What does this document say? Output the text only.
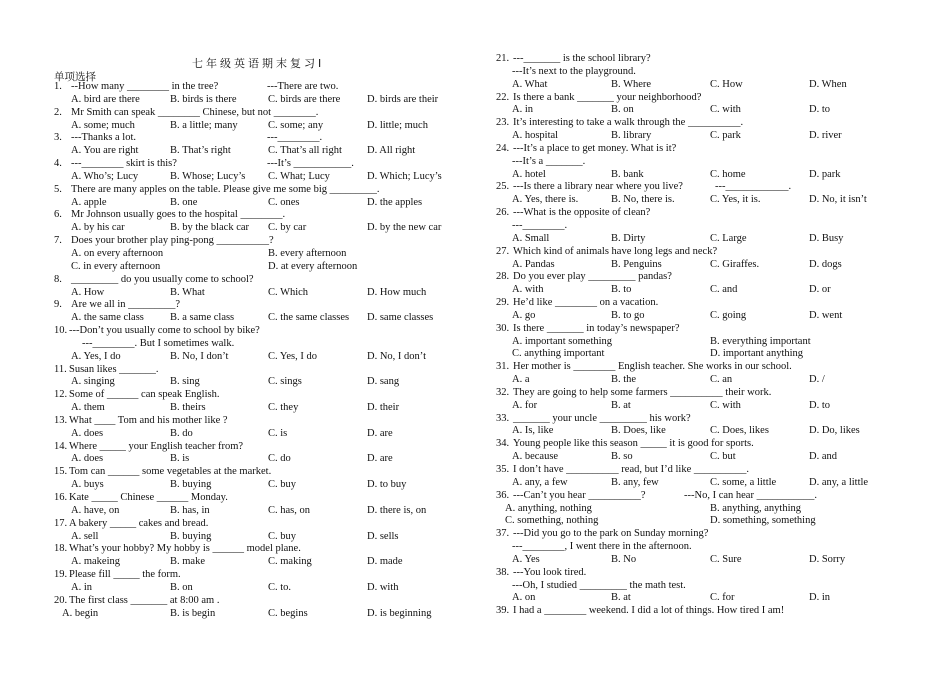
七年级英语期末复习Ⅰ
单项选择
1. --How many ________ in the tree?	---There are two.
A. bird are there	B. birds is there	C. birds are there	D. birds are their
2. Mr Smith can speak ________ Chinese, but not ________.
A. some; much	B. a little; many	C. some; any	D. little; much
3. ---Thanks a lot.	---________.
A. You are right	B. That’s right	C. That’s all right D. All right
4. ---________ skirt is this?	---It’s ___________.
A. Who’s; Lucy	B. Whose; Lucy’s C. What; Lucy	D. Which; Lucy’s
5. There are many apples on the table. Please give me some big _________.
A. apple	B. one	C. ones	D. the apples
6. Mr Johnson usually goes to the hospital ________.
A. by his car	B. by the black car C. by car	D. by the new car
7. Does your brother play ping-pong __________?
A. on every afternoon	B. every afternoon
C. in every afternoon	D. at every afternoon
8. _________ do you usually come to school?
A. How	B. What	C. Which	D. How much
9. Are we all in _________?
A. the same class B. a same class	C. the same classes D. same classes
10. ---Don’t you usually come to school by bike?
---________. But I sometimes walk.
A. Yes, I do	B. No, I don’t	C. Yes, I do	D. No, I don’t
11. Susan likes _______.
A. singing	B. sing	C. sings	D. sang
12. Some of ______ can speak English.
A. them	B. theirs	C. they	D. their
13. What ____ Tom and his mother like ?
A. does	B. do	C. is	D. are
14. Where _____ your English teacher from?
A. does	B. is	C. do	D. are
15. Tom can ______ some vegetables at the market.
A. buys	B. buying	C. buy	D. to buy
16. Kate _____ Chinese ______ Monday.
A. have, on	B. has, in	C. has, on	D. there is, on
17. A bakery _____ cakes and bread.
A. sell	B. buying	C. buy	D. sells
18. What’s your hobby? My hobby is ______ model plane.
A. makeing	B. make	C. making	D. made
19. Please fill _____ the form.
A. in	B. on	C. to.	D. with
20. The first class _______ at 8:00 am .
A. begin	B. is begin	C. begins	D. is beginning
21. ---_______ is the school library?
---It’s next to the playground.
A. What	B. Where	C. How	D. When
22. Is there a bank _______ your neighborhood?
A. in	B. on	C. with	D. to
23. It’s interesting to take a walk through the __________.
A. hospital	B. library	C. park	D. river
24. ---It’s a place to get money. What is it?
---It’s a _______.
A. hotel	B. bank	C. home	D. park
25. ---Is there a library near where you live?	---____________.
A. Yes, there is.	B. No, there is.	C. Yes, it is.	D. No, it isn’t
26. ---What is the opposite of clean?
---________.
A. Small	B. Dirty	C. Large	D. Busy
27. Which kind of animals have long legs and neck?
A. Pandas	B. Penguins	C. Giraffes.	D. dogs
28. Do you ever play _________ pandas?
A. with	B. to	C. and	D. or
29. He’d like ________ on a vacation.
A. go	B. to go	C. going	D. went
30. Is there _______ in today’s newspaper?
A. important something	B. everything important
C. anything important	D. important anything
31. Her mother is ________ English teacher. She works in our school.
A. a	B. the	C. an	D. /
32. They are going to help some farmers __________ their work.
A. for	B. at	C. with	D. to
33. _______ your uncle _________ his work?
A. Is, like	B. Does, like	C. Does, likes	D. Do, likes
34. Young people like this season _____ it is good for sports.
A. because	B. so	C. but	D. and
35. I don’t have __________ read, but I’d like __________.
A. any, a few	B. any, few	C. some, a little	D. any, a little
36. ---Can’t you hear __________?	---No, I can hear ___________.
A. anything, nothing	B. anything, anything
C. something, nothing	D. something, something
37. ---Did you go to the park on Sunday morning?
---________, I went there in the afternoon.
A. Yes	B. No	C. Sure	D. Sorry
38. ---You look tired.
---Oh, I studied _________ the math test.
A. on	B. at	C. for	D. in
39. I had a ________ weekend. I did a lot of things. How tired I am!
